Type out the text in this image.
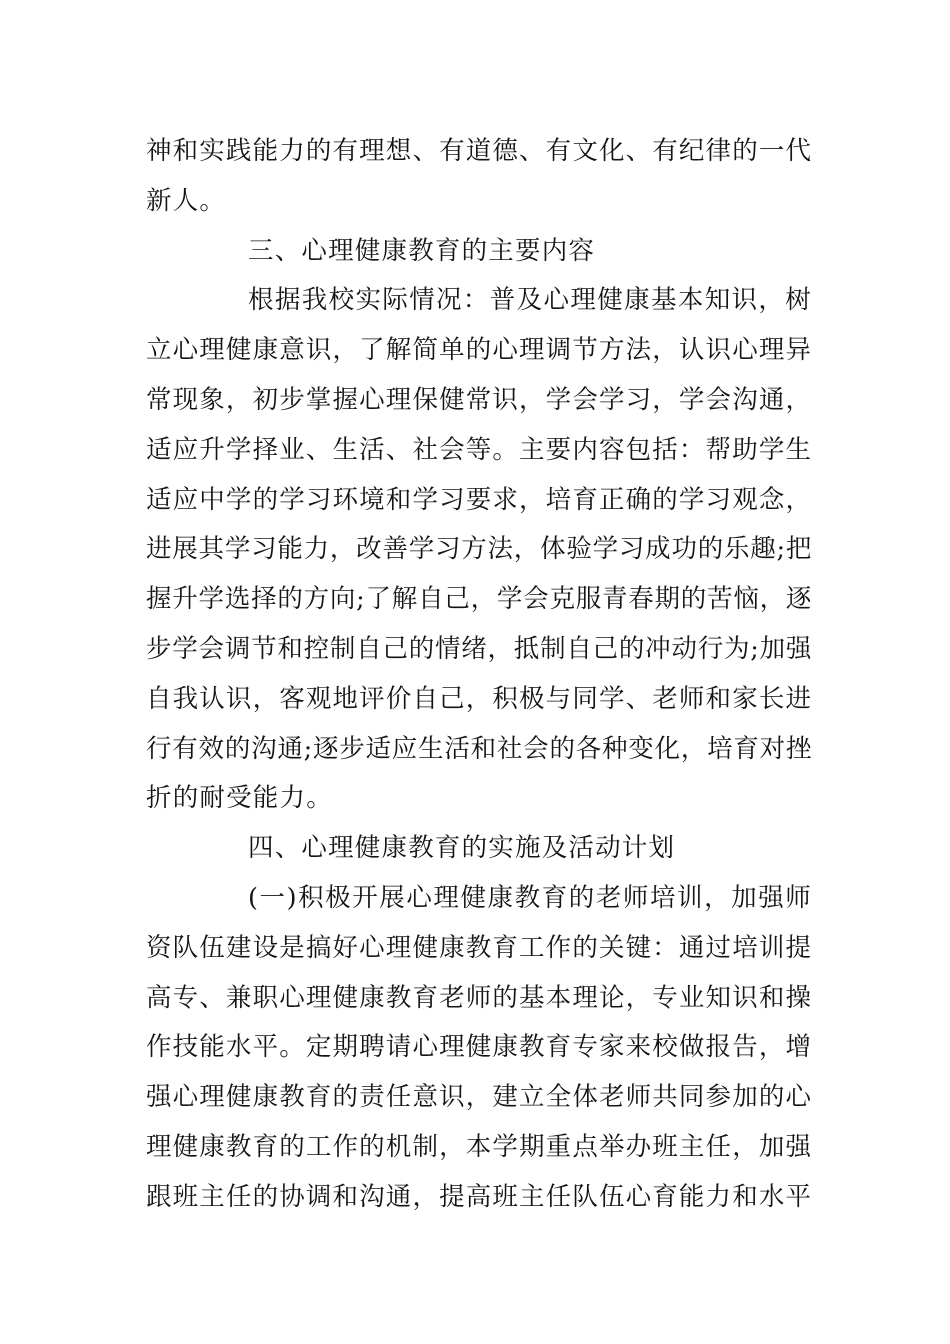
神和实践能力的有理想、有道德、有文化、有纪律的一代
新人。
三、心理健康教育的主要内容
根据我校实际情况：普及心理健康基本知识，树
立心理健康意识，了解简单的心理调节方法，认识心理异
常现象，初步掌握心理保健常识，学会学习，学会沟通，
适应升学择业、生活、社会等。主要内容包括：帮助学生
适应中学的学习环境和学习要求，培育正确的学习观念，
进展其学习能力，改善学习方法，体验学习成功的乐趣;把
握升学选择的方向;了解自己，学会克服青春期的苦恼，逐
步学会调节和控制自己的情绪，抵制自己的冲动行为;加强
自我认识，客观地评价自己，积极与同学、老师和家长进
行有效的沟通;逐步适应生活和社会的各种变化，培育对挫
折的耐受能力。
四、心理健康教育的实施及活动计划
(一)积极开展心理健康教育的老师培训，加强师
资队伍建设是搞好心理健康教育工作的关键：通过培训提
高专、兼职心理健康教育老师的基本理论，专业知识和操
作技能水平。定期聘请心理健康教育专家来校做报告，增
强心理健康教育的责任意识，建立全体老师共同参加的心
理健康教育的工作的机制，本学期重点举办班主任，加强
跟班主任的协调和沟通，提高班主任队伍心育能力和水平
